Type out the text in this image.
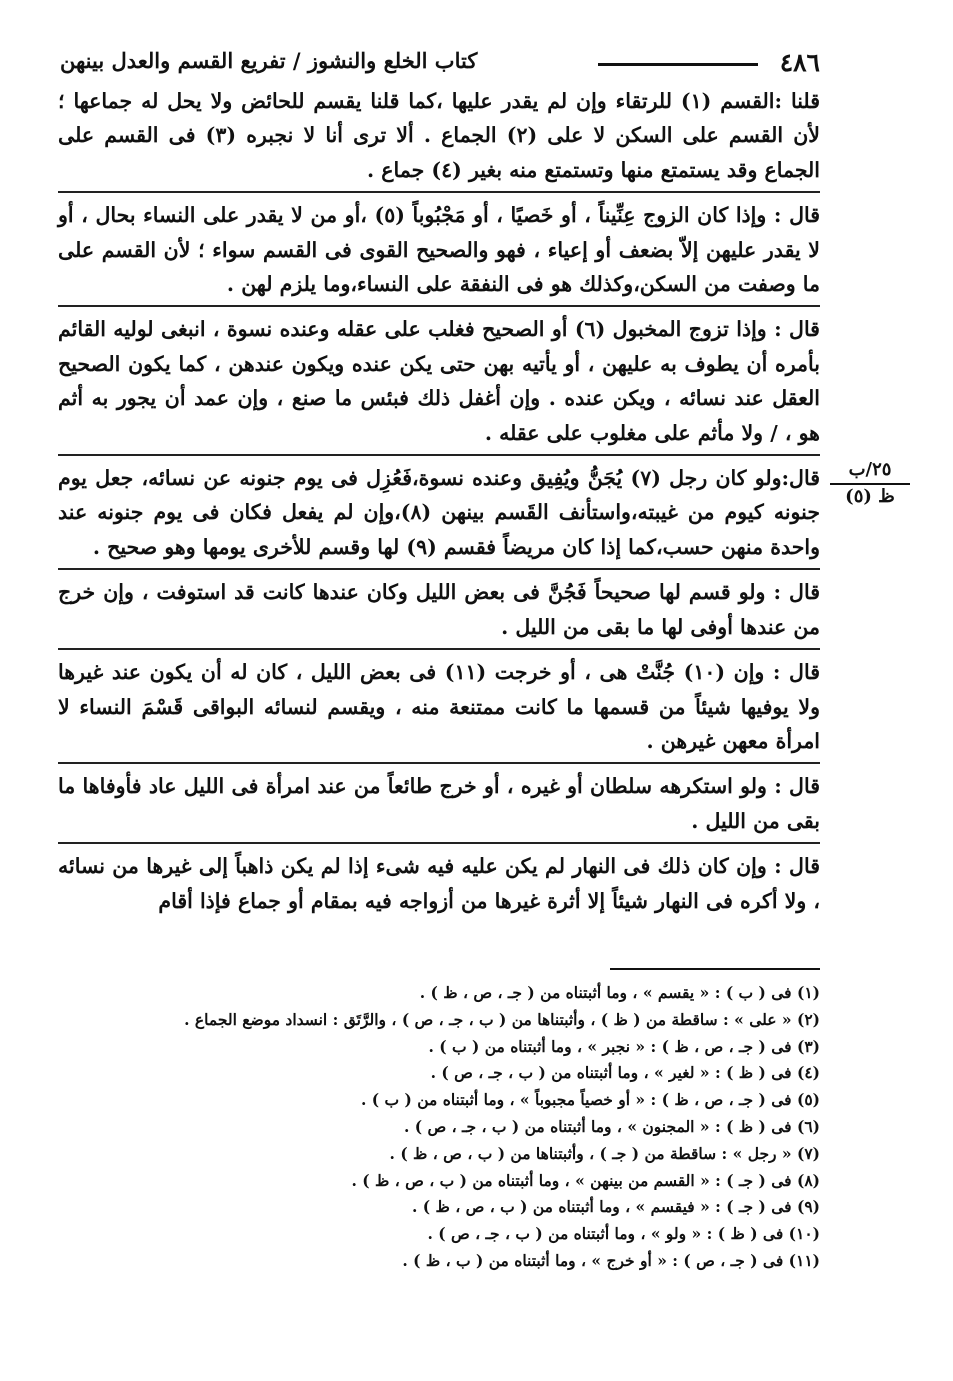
٤٨٦
كتاب الخلع والنشوز / تفريع القسم والعدل بينهن

قلنا :القسم (١) للرتقاء وإن لم يقدر عليها ،كما قلنا يقسم للحائض ولا يحل له جماعها ؛ لأن القسم على السكن لا على (٢) الجماع . ألا ترى أنا لا نجبره (٣) فى القسم على الجماع وقد يستمتع منها وتستمتع منه بغير (٤) جماع .

قال : وإذا كان الزوج عِنِّيناً ، أو خَصيًا ، أو مَجْبُوباً (٥) ،أو من لا يقدر على النساء بحال ، أو لا يقدر عليهن إلاّ بضعف أو إعياء ، فهو والصحيح القوى فى القسم سواء ؛ لأن القسم على ما وصفت من السكن،وكذلك هو فى النفقة على النساء،وما يلزم لهن .

قال : وإذا تزوج المخبول (٦) أو الصحيح فغلب على عقله وعنده نسوة ، انبغى لوليه القائم بأمره أن يطوف به عليهن ، أو يأتيه بهن حتى يكن عنده ويكون عندهن ، كما يكون الصحيح العقل عند نسائه ، ويكن عنده . وإن أغفل ذلك فبئس ما صنع ، وإن عمد أن يجور به أثم هو ، / ولا مأثم على مغلوب على عقله .

قال:ولو كان رجل (٧) يُجَنُّ ويُفِيق وعنده نسوة،فَعُزِل فى يوم جنونه عن نسائه، جعل يوم جنونه كيوم من غيبته،واستأنف القَسم بينهن (٨)،وإن لم يفعل فكان فى يوم جنونه عند واحدة منهن حسب،كما إذا كان مريضاً فقسم (٩) لها وقسم للأخرى يومها وهو صحيح .

قال : ولو قسم لها صحيحاً فَجُنَّ فى بعض الليل وكان عندها كانت قد استوفت ، وإن خرج من عندها أوفى لها ما بقى من الليل .

قال : وإن (١٠) جُنَّتْ هى ، أو خرجت (١١) فى بعض الليل ، كان له أن يكون عند غيرها ولا يوفيها شيئاً من قسمها ما كانت ممتنعة منه ، ويقسم لنسائه البواقى قَسْمَ النساء لا امرأة معهن غيرهن .

قال : ولو استكرهه سلطان أو غيره ، أو خرج طائعاً من عند امرأة فى الليل عاد فأوفاها ما بقى من الليل .

قال : وإن كان ذلك فى النهار لم يكن عليه فيه شىء إذا لم يكن ذاهباً إلى غيرها من نسائه ، ولا أكره فى النهار شيئاً إلا أثرة غيرها من أزواجه فيه بمقام أو جماع فإذا أقام

٢٥/ب
ظ (٥)
(١) فى ( ب ) : « يقسم » ، وما أثبتناه من ( جـ ، ص ، ظ ) .
(٢) « على » : ساقطة من ( ظ ) ، وأثبتناها من ( ب ، جـ ، ص ) ، والرَّتَق : انسداد موضع الجماع .
(٣) فى ( جـ ، ص ، ظ ) : « نجبر » ، وما أثبتناه من ( ب ) .
(٤) فى ( ظ ) : « لغير » ، وما أثبتناه من ( ب ، جـ ، ص ) .
(٥) فى ( جـ ، ص ، ظ ) : « أو خصياً مجبوباً » ، وما أثبتناه من ( ب ) .
(٦) فى ( ظ ) : « المجنون » ، وما أثبتناه من ( ب ، جـ ، ص ) .
(٧) « رجل » : ساقطة من ( جـ ) ، وأثبتناها من ( ب ، ص ، ظ ) .
(٨) فى ( جـ ) : « القسم من بينهن » ، وما أثبتناه من ( ب ، ص ، ظ ) .
(٩) فى ( جـ ) : « فيقسم » ، وما أثبتناه من ( ب ، ص ، ظ ) .
(١٠) فى ( ظ ) : « ولو » ، وما أثبتناه من ( ب ، جـ ، ص ) .
(١١) فى ( جـ ، ص ) : « أو خرج » ، وما أثبتناه من ( ب ، ظ ) .
